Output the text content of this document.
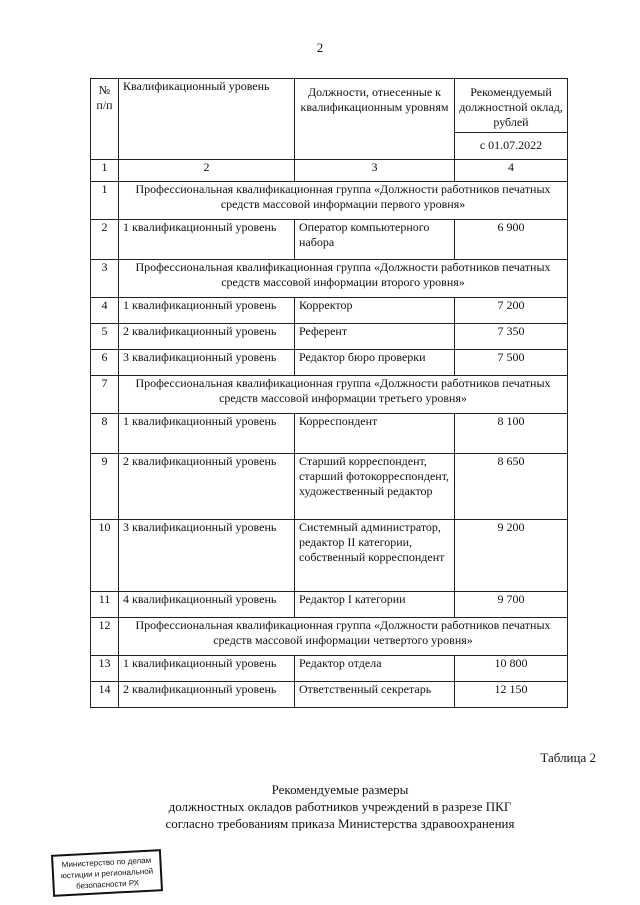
2
№ п/п	Квалификационный уровень	Должности, отнесенные к квалификационным уровням	Рекомендуемый должностной оклад, рублей
			с 01.07.2022
1	2	3	4
1	Профессиональная квалификационная группа «Должности работников печатных средств массовой информации первого уровня»		
2	1 квалификационный уровень	Оператор компьютерного набора	6 900
3	Профессиональная квалификационная группа «Должности работников печатных средств массовой информации второго уровня»		
4	1 квалификационный уровень	Корректор	7 200
5	2 квалификационный уровень	Референт	7 350
6	3 квалификационный уровень	Редактор бюро проверки	7 500
7	Профессиональная квалификационная группа «Должности работников печатных средств массовой информации третьего уровня»		
8	1 квалификационный уровень	Корреспондент	8 100
9	2 квалификационный уровень	Старший корреспондент, старший фотокорреспондент, художественный редактор	8 650
10	3 квалификационный уровень	Системный администратор, редактор II категории, собственный корреспондент	9 200
11	4 квалификационный уровень	Редактор I категории	9 700
12	Профессиональная квалификационная группа «Должности работников печатных средств массовой информации четвертого уровня»		
13	1 квалификационный уровень	Редактор отдела	10 800
14	2 квалификационный уровень	Ответственный секретарь	12 150
Таблица 2
Рекомендуемые размеры
должностных окладов работников учреждений в разрезе ПКГ
согласно требованиям приказа Министерства здравоохранения
Министерство по делам
юстиции и региональной
безопасности РХ
